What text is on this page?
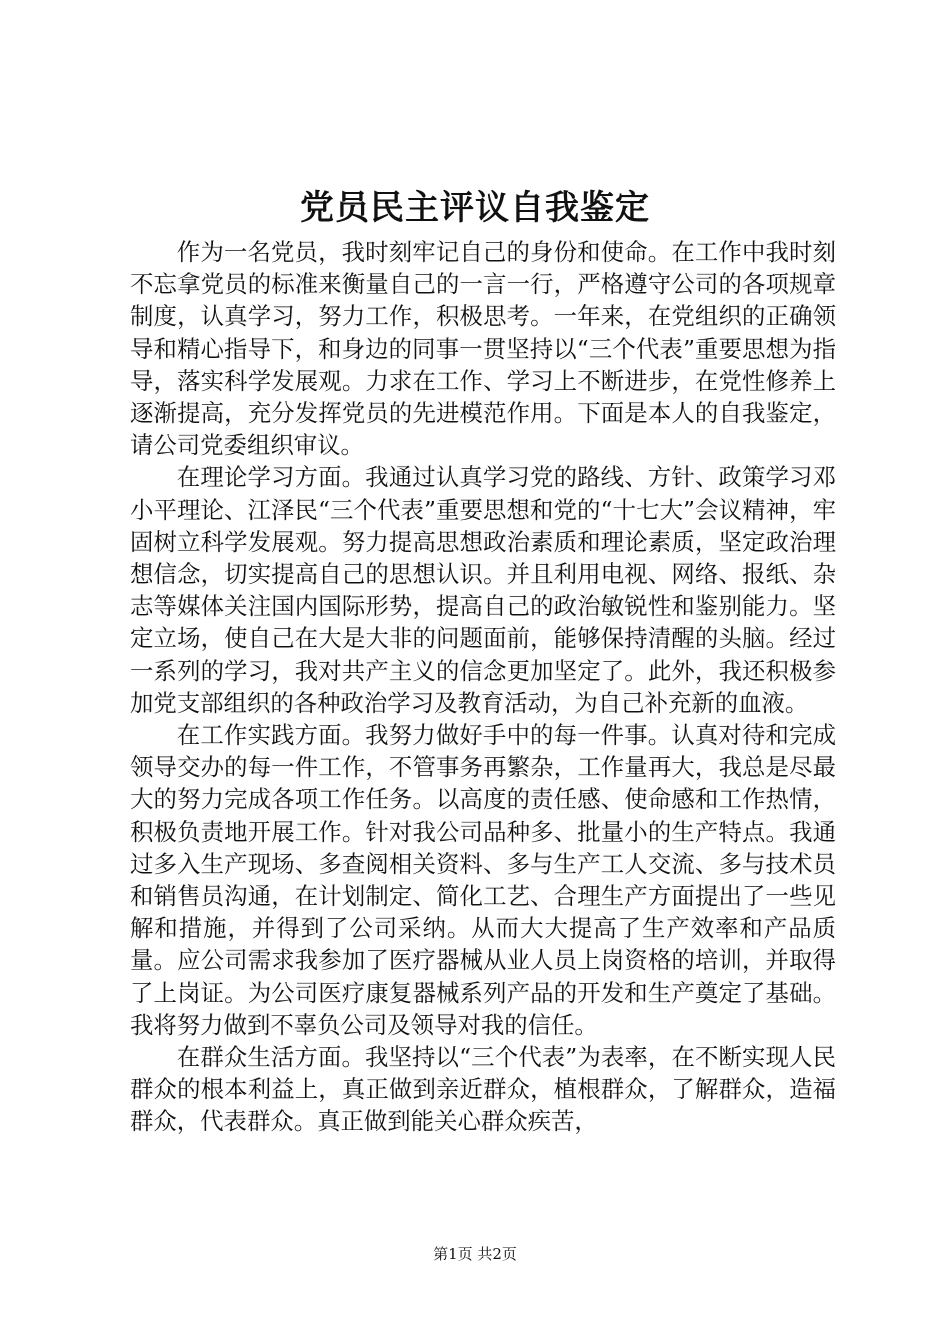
党员民主评议自我鉴定

作为一名党员，我时刻牢记自己的身份和使命。在工作中我时刻不忘拿党员的标准来衡量自己的一言一行，严格遵守公司的各项规章制度，认真学习，努力工作，积极思考。一年来，在党组织的正确领导和精心指导下，和身边的同事一贯坚持以“三个代表”重要思想为指导，落实科学发展观。力求在工作、学习上不断进步，在党性修养上逐渐提高，充分发挥党员的先进模范作用。下面是本人的自我鉴定，请公司党委组织审议。

在理论学习方面。我通过认真学习党的路线、方针、政策学习邓小平理论、江泽民“三个代表”重要思想和党的“十七大”会议精神，牢固树立科学发展观。努力提高思想政治素质和理论素质，坚定政治理想信念，切实提高自己的思想认识。并且利用电视、网络、报纸、杂志等媒体关注国内国际形势，提高自己的政治敏锐性和鉴别能力。坚定立场，使自己在大是大非的问题面前，能够保持清醒的头脑。经过一系列的学习，我对共产主义的信念更加坚定了。此外，我还积极参加党支部组织的各种政治学习及教育活动，为自己补充新的血液。

在工作实践方面。我努力做好手中的每一件事。认真对待和完成领导交办的每一件工作，不管事务再繁杂，工作量再大，我总是尽最大的努力完成各项工作任务。以高度的责任感、使命感和工作热情，积极负责地开展工作。针对我公司品种多、批量小的生产特点。我通过多入生产现场、多查阅相关资料、多与生产工人交流、多与技术员和销售员沟通，在计划制定、简化工艺、合理生产方面提出了一些见解和措施，并得到了公司采纳。从而大大提高了生产效率和产品质量。应公司需求我参加了医疗器械从业人员上岗资格的培训，并取得了上岗证。为公司医疗康复器械系列产品的开发和生产奠定了基础。我将努力做到不辜负公司及领导对我的信任。

在群众生活方面。我坚持以“三个代表”为表率，在不断实现人民群众的根本利益上，真正做到亲近群众，植根群众，了解群众，造福群众，代表群众。真正做到能关心群众疾苦，

第1页 共2页
